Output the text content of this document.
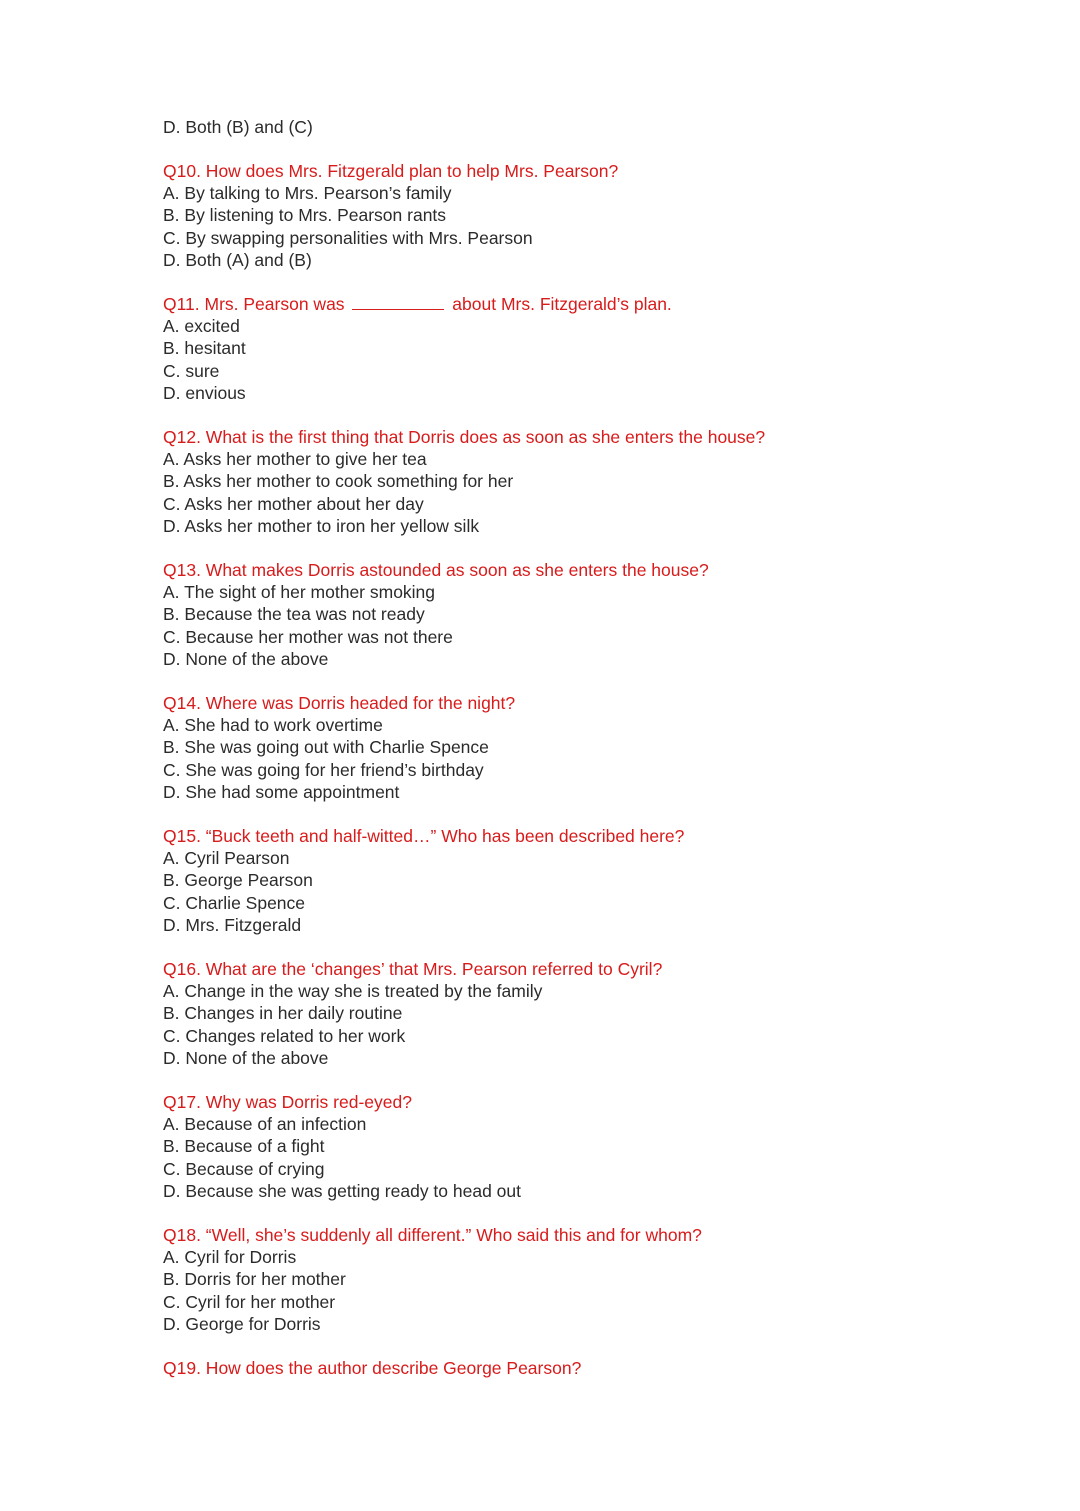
D. Both (B) and (C)

Q10. How does Mrs. Fitzgerald plan to help Mrs. Pearson?

A. By talking to Mrs. Pearson’s family
B. By listening to Mrs. Pearson rants
C. By swapping personalities with Mrs. Pearson
D. Both (A) and (B)

Q11. Mrs. Pearson was	about Mrs. Fitzgerald’s plan.

A. excited
B. hesitant
C. sure
D. envious

Q12. What is the first thing that Dorris does as soon as she enters the house?

A. Asks her mother to give her tea
B. Asks her mother to cook something for her
C. Asks her mother about her day
D. Asks her mother to iron her yellow silk

Q13. What makes Dorris astounded as soon as she enters the house?

A. The sight of her mother smoking
B. Because the tea was not ready
C. Because her mother was not there
D. None of the above

Q14. Where was Dorris headed for the night?

A. She had to work overtime
B. She was going out with Charlie Spence
C. She was going for her friend’s birthday
D. She had some appointment

Q15. “Buck teeth and half-witted…” Who has been described here?

A. Cyril Pearson
B. George Pearson
C. Charlie Spence
D. Mrs. Fitzgerald

Q16. What are the ‘changes’ that Mrs. Pearson referred to Cyril?

A. Change in the way she is treated by the family
B. Changes in her daily routine
C. Changes related to her work
D. None of the above

Q17. Why was Dorris red-eyed?

A. Because of an infection
B. Because of a fight
C. Because of crying
D. Because she was getting ready to head out

Q18. “Well, she’s suddenly all different.” Who said this and for whom?

A. Cyril for Dorris
B. Dorris for her mother
C. Cyril for her mother
D. George for Dorris

Q19. How does the author describe George Pearson?
